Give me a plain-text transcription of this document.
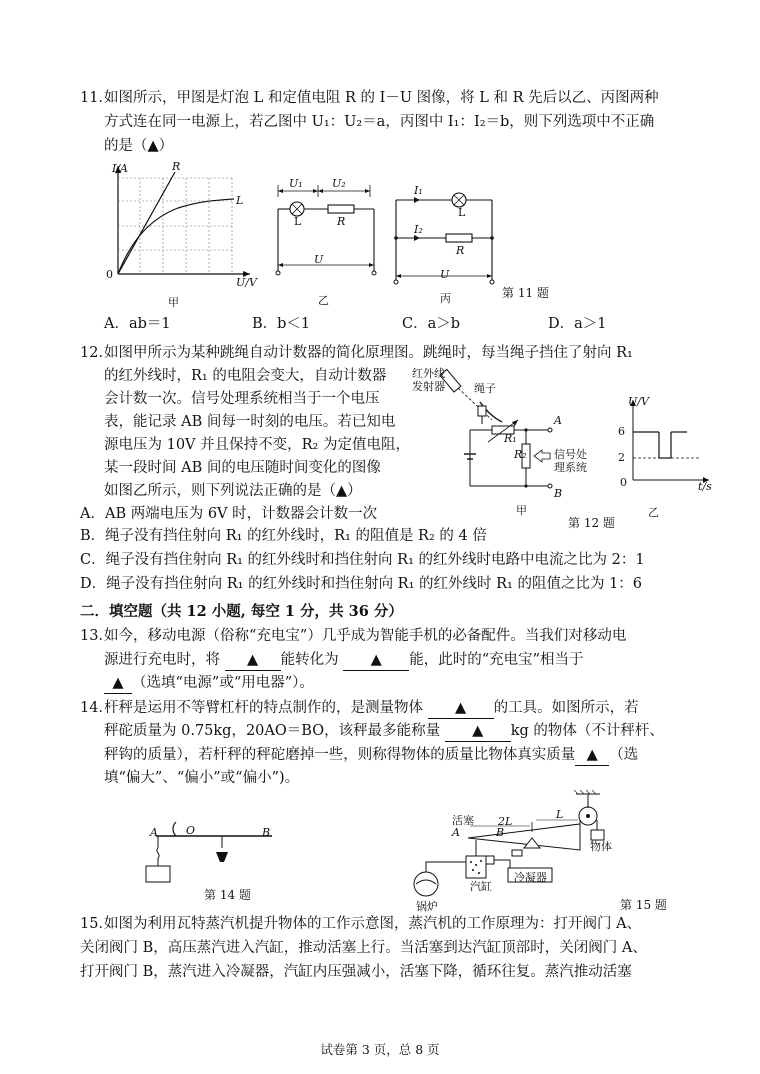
11．
如图所示，甲图是灯泡 L 和定值电阻 R 的 I－U 图像，将 L 和 R 先后以乙、丙图两种
方式连在同一电源上，若乙图中 U₁：U₂＝a，丙图中 I₁：I₂＝b，则下列选项中不正确
的是（▲）
I/A	R
L
0
U/V
甲
U₁	U₂
L	R
U
乙
I₁
L
I₂
R
U
丙	第 11 题
A．ab＝1	B．b＜1	C．a＞b	D．a＞1
12．
如图甲所示为某种跳绳自动计数器的简化原理图。跳绳时，每当绳子挡住了射向 R₁
的红外线时，R₁ 的电阻会变大，自动计数器
会计数一次。信号处理系统相当于一个电压
表，能记录 AB 间每一时刻的电压。若已知电
源电压为 10V 并且保持不变，R₂ 为定值电阻，
某一段时间 AB 间的电压随时间变化的图像
如图乙所示，则下列说法正确的是（▲）
红外线
发射器	绳子
A
R₁
R₂ 信号处
理系统
B
甲
U/V
6
2
0	t/s
乙
第 12 题
A．AB 两端电压为 6V 时，计数器会计数一次
B．绳子没有挡住射向 R₁ 的红外线时，R₁ 的阻值是 R₂ 的 4 倍
C．绳子没有挡住射向 R₁ 的红外线时和挡住射向 R₁ 的红外线时电路中电流之比为 2：1
D．绳子没有挡住射向 R₁ 的红外线时和挡住射向 R₁ 的红外线时 R₁ 的阻值之比为 1：6
二．填空题（共 12 小题, 每空 1 分，共 36 分）
13．
如今，移动电源（俗称“充电宝”）几乎成为智能手机的必备配件。当我们对移动电
源进行充电时，将 ▲ 能转化为 ▲ 能，此时的“充电宝”相当于
▲ （选填“电源”或“用电器”）。
14．
杆秤是运用不等臂杠杆的特点制作的，是测量物体 ▲ 的工具。如图所示，若
秤砣质量为 0.75kg，20AO＝BO，该秤最多能称量 ▲ kg 的物体（不计秤杆、
秤钩的质量），若杆秤的秤砣磨掉一些，则称得物体的质量比物体真实质量 ▲ （选
填“偏大”、“偏小”或“偏小”)。
A	O	B
第 14 题
活塞
A	B
汽缸
锅炉
冷凝器
2L
L
物体
第 15 题
15．
如图为利用瓦特蒸汽机提升物体的工作示意图，蒸汽机的工作原理为：打开阀门 A、
关闭阀门 B，高压蒸汽进入汽缸，推动活塞上行。当活塞到达汽缸顶部时，关闭阀门 A、
打开阀门 B，蒸汽进入冷凝器，汽缸内压强减小，活塞下降，循环往复。蒸汽推动活塞
试卷第 3 页，总 8 页
